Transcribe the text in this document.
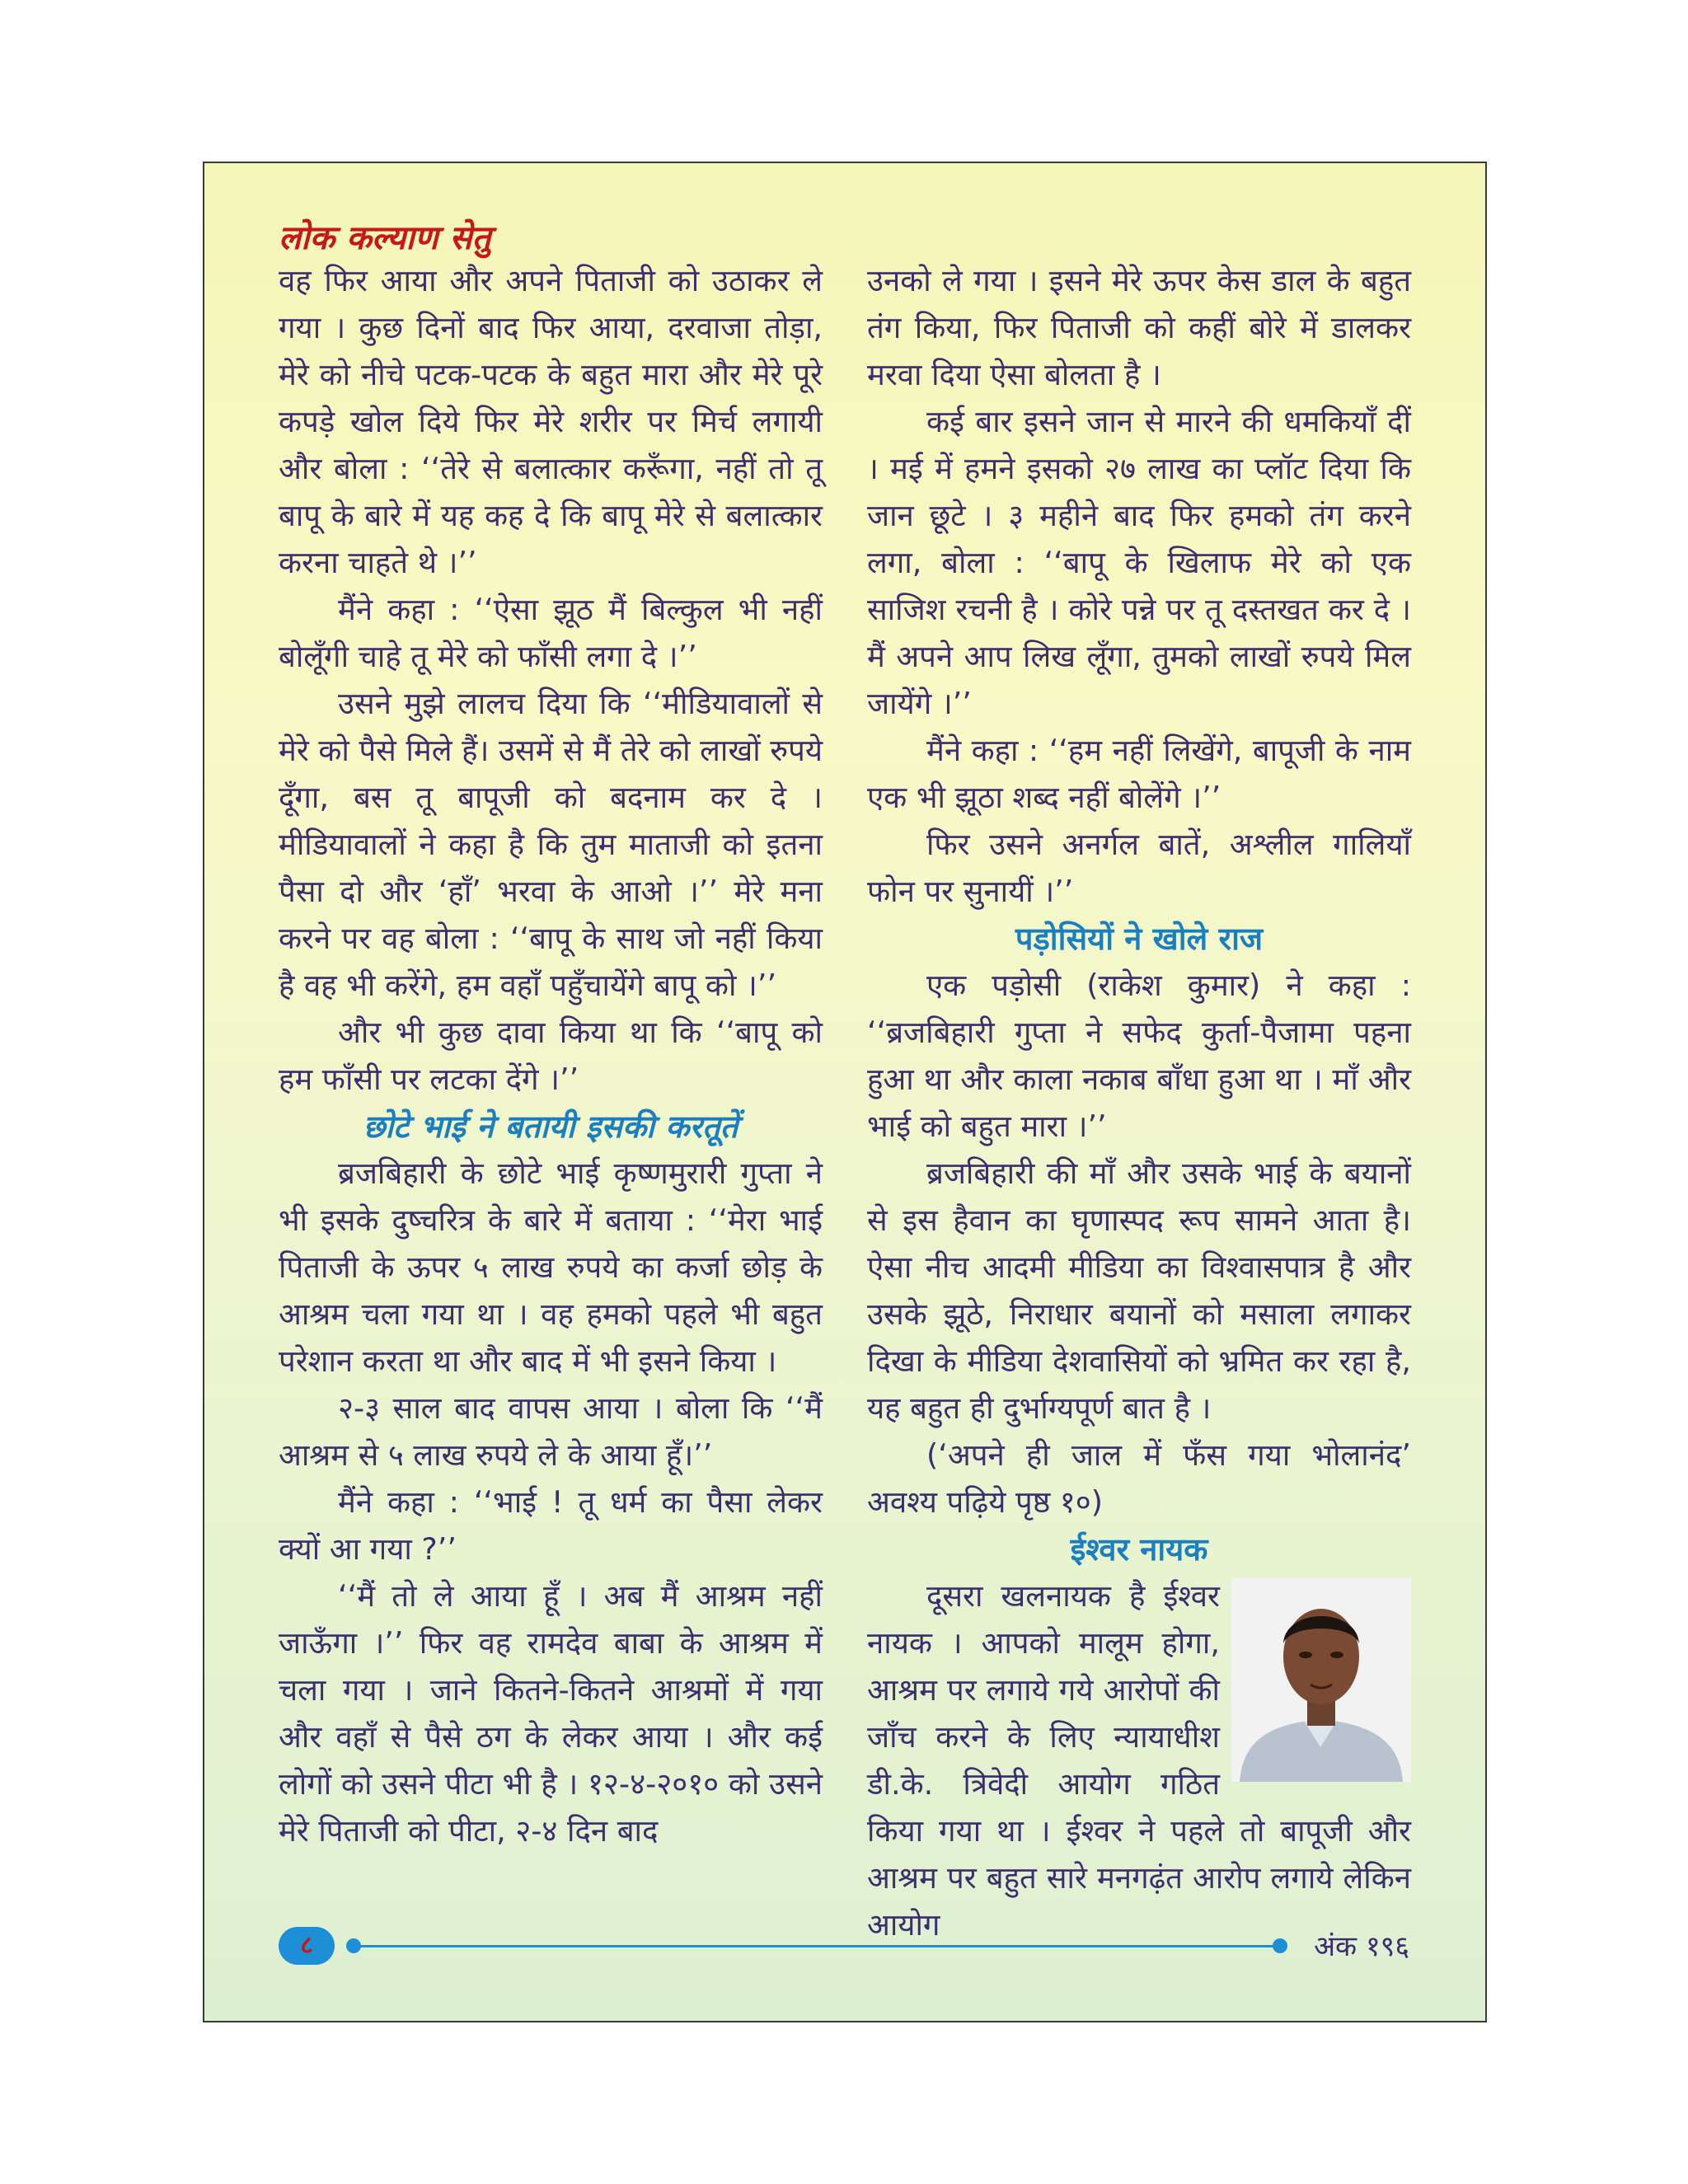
लोक कल्याण सेतु

वह फिर आया और अपने पिताजी को उठाकर ले गया । कुछ दिनों बाद फिर आया, दरवाजा तोड़ा, मेरे को नीचे पटक-पटक के बहुत मारा और मेरे पूरे कपड़े खोल दिये फिर मेरे शरीर पर मिर्च लगायी और बोला : ‘‘तेरे से बलात्कार करूँगा, नहीं तो तू बापू के बारे में यह कह दे कि बापू मेरे से बलात्कार करना चाहते थे ।’’

मैंने कहा : ‘‘ऐसा झूठ मैं बिल्कुल भी नहीं बोलूँगी चाहे तू मेरे को फाँसी लगा दे ।’’

उसने मुझे लालच दिया कि ‘‘मीडियावालों से मेरे को पैसे मिले हैं। उसमें से मैं तेरे को लाखों रुपये दूँगा, बस तू बापूजी को बदनाम कर दे । मीडियावालों ने कहा है कि तुम माताजी को इतना पैसा दो और ‘हाँ’ भरवा के आओ ।’’ मेरे मना करने पर वह बोला : ‘‘बापू के साथ जो नहीं किया है वह भी करेंगे, हम वहाँ पहुँचायेंगे बापू को ।’’

और भी कुछ दावा किया था कि ‘‘बापू को हम फाँसी पर लटका देंगे ।’’

छोटे भाई ने बतायी इसकी करतूतें

ब्रजबिहारी के छोटे भाई कृष्णमुरारी गुप्ता ने भी इसके दुष्चरित्र के बारे में बताया : ‘‘मेरा भाई पिताजी के ऊपर ५ लाख रुपये का कर्जा छोड़ के आश्रम चला गया था । वह हमको पहले भी बहुत परेशान करता था और बाद में भी इसने किया ।

२-३ साल बाद वापस आया । बोला कि ‘‘मैं आश्रम से ५ लाख रुपये ले के आया हूँ।’’

मैंने कहा : ‘‘भाई ! तू धर्म का पैसा लेकर क्यों आ गया ?’’

‘‘मैं तो ले आया हूँ । अब मैं आश्रम नहीं जाऊँगा ।’’ फिर वह रामदेव बाबा के आश्रम में चला गया । जाने कितने-कितने आश्रमों में गया और वहाँ से पैसे ठग के लेकर आया । और कई लोगों को उसने पीटा भी है । १२-४-२०१० को उसने मेरे पिताजी को पीटा, २-४ दिन बाद

उनको ले गया । इसने मेरे ऊपर केस डाल के बहुत तंग किया, फिर पिताजी को कहीं बोरे में डालकर मरवा दिया ऐसा बोलता है ।

कई बार इसने जान से मारने की धमकियाँ दीं । मई में हमने इसको २७ लाख का प्लॉट दिया कि जान छूटे । ३ महीने बाद फिर हमको तंग करने लगा, बोला : ‘‘बापू के खिलाफ मेरे को एक साजिश रचनी है । कोरे पन्ने पर तू दस्तखत कर दे । मैं अपने आप लिख लूँगा, तुमको लाखों रुपये मिल जायेंगे ।’’

मैंने कहा : ‘‘हम नहीं लिखेंगे, बापूजी के नाम एक भी झूठा शब्द नहीं बोलेंगे ।’’

फिर उसने अनर्गल बातें, अश्लील गालियाँ फोन पर सुनायीं ।’’

पड़ोसियों ने खोले राज

एक पड़ोसी (राकेश कुमार) ने कहा : ‘‘ब्रजबिहारी गुप्ता ने सफेद कुर्ता-पैजामा पहना हुआ था और काला नकाब बाँधा हुआ था । माँ और भाई को बहुत मारा ।’’

ब्रजबिहारी की माँ और उसके भाई के बयानों से इस हैवान का घृणास्पद रूप सामने आता है। ऐसा नीच आदमी मीडिया का विश्वासपात्र है और उसके झूठे, निराधार बयानों को मसाला लगाकर दिखा के मीडिया देशवासियों को भ्रमित कर रहा है, यह बहुत ही दुर्भाग्यपूर्ण बात है ।

(‘अपने ही जाल में फँस गया भोलानंद’ अवश्य पढ़िये पृष्ठ १०)

ईश्वर नायक

दूसरा खलनायक है ईश्वर नायक । आपको मालूम होगा, आश्रम पर लगाये गये आरोपों की जाँच करने के लिए न्यायाधीश डी.के. त्रिवेदी आयोग गठित किया गया था । ईश्वर ने पहले तो बापूजी और आश्रम पर बहुत सारे मनगढ़ंत आरोप लगाये लेकिन आयोग

८	अंक १९६
